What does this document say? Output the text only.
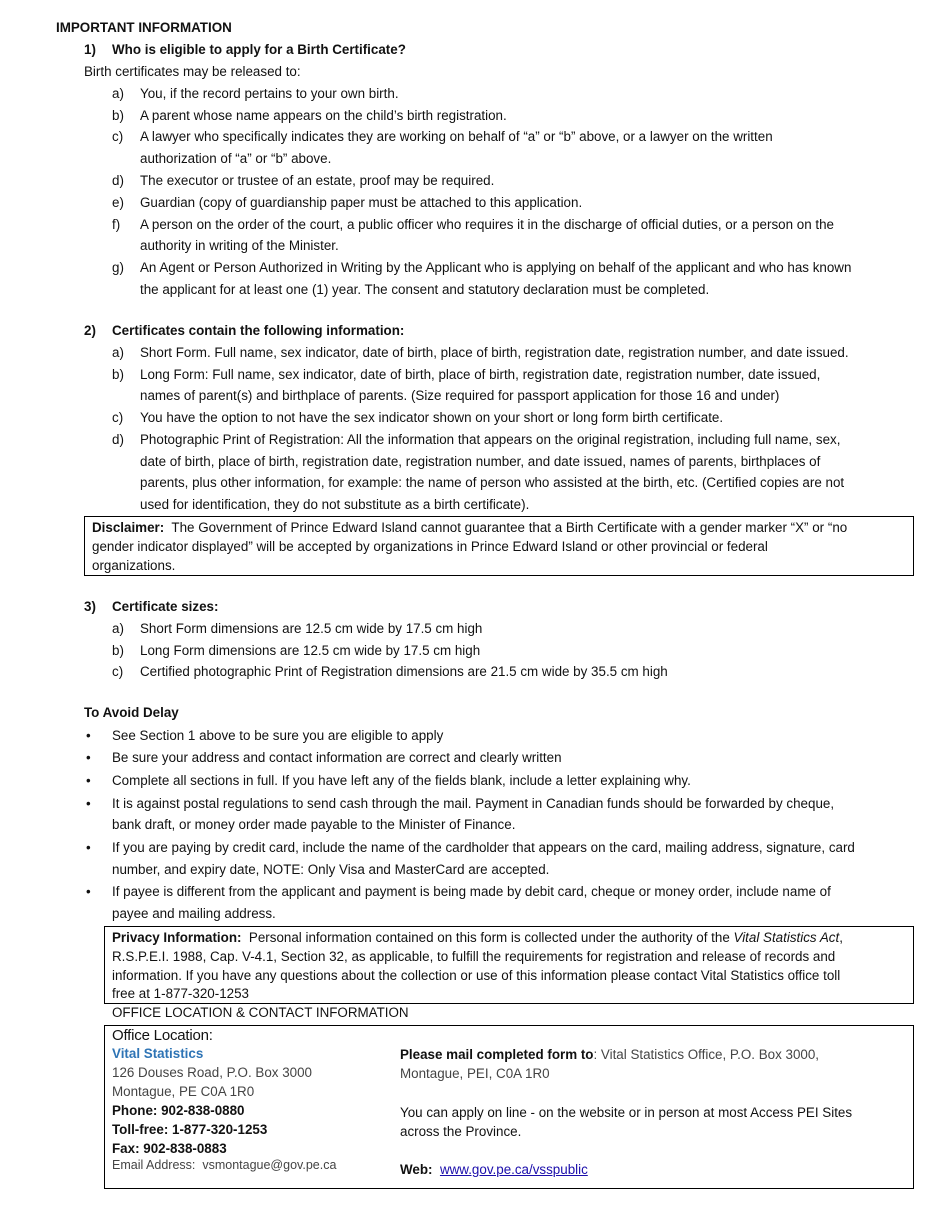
IMPORTANT INFORMATION
1) Who is eligible to apply for a Birth Certificate?
Birth certificates may be released to:
a) You, if the record pertains to your own birth.
b) A parent whose name appears on the child’s birth registration.
c) A lawyer who specifically indicates they are working on behalf of “a” or “b” above, or a lawyer on the written
authorization of “a” or “b” above.
d) The executor or trustee of an estate, proof may be required.
e) Guardian (copy of guardianship paper must be attached to this application.
f) A person on the order of the court, a public officer who requires it in the discharge of official duties, or a person on the
authority in writing of the Minister.
g) An Agent or Person Authorized in Writing by the Applicant who is applying on behalf of the applicant and who has known
the applicant for at least one (1) year. The consent and statutory declaration must be completed.
2) Certificates contain the following information:
a) Short Form. Full name, sex indicator, date of birth, place of birth, registration date, registration number, and date issued.
b) Long Form: Full name, sex indicator, date of birth, place of birth, registration date, registration number, date issued,
names of parent(s) and birthplace of parents. (Size required for passport application for those 16 and under)
c) You have the option to not have the sex indicator shown on your short or long form birth certificate.
d) Photographic Print of Registration: All the information that appears on the original registration, including full name, sex,
date of birth, place of birth, registration date, registration number, and date issued, names of parents, birthplaces of
parents, plus other information, for example: the name of person who assisted at the birth, etc. (Certified copies are not
used for identification, they do not substitute as a birth certificate).
Disclaimer:  The Government of Prince Edward Island cannot guarantee that a Birth Certificate with a gender marker “X” or “no
gender indicator displayed” will be accepted by organizations in Prince Edward Island or other provincial or federal
organizations.
3) Certificate sizes:
a) Short Form dimensions are 12.5 cm wide by 17.5 cm high
b) Long Form dimensions are 12.5 cm wide by 17.5 cm high
c) Certified photographic Print of Registration dimensions are 21.5 cm wide by 35.5 cm high
To Avoid Delay
• See Section 1 above to be sure you are eligible to apply
• Be sure your address and contact information are correct and clearly written
• Complete all sections in full. If you have left any of the fields blank, include a letter explaining why.
• It is against postal regulations to send cash through the mail. Payment in Canadian funds should be forwarded by cheque,
bank draft, or money order made payable to the Minister of Finance.
• If you are paying by credit card, include the name of the cardholder that appears on the card, mailing address, signature, card
number, and expiry date, NOTE: Only Visa and MasterCard are accepted.
• If payee is different from the applicant and payment is being made by debit card, cheque or money order, include name of
payee and mailing address.
Privacy Information:  Personal information contained on this form is collected under the authority of the Vital Statistics Act,
R.S.P.E.I. 1988, Cap. V-4.1, Section 32, as applicable, to fulfill the requirements for registration and release of records and
information. If you have any questions about the collection or use of this information please contact Vital Statistics office toll
free at 1-877-320-1253
OFFICE LOCATION & CONTACT INFORMATION
Office Location:
Vital Statistics
126 Douses Road, P.O. Box 3000
Montague, PE C0A 1R0
Phone: 902-838-0880
Toll-free: 1-877-320-1253
Fax: 902-838-0883
Email Address: vsmontague@gov.pe.ca
Please mail completed form to: Vital Statistics Office, P.O. Box 3000,
Montague, PEI, C0A 1R0
You can apply on line - on the website or in person at most Access PEI Sites
across the Province.
Web: www.gov.pe.ca/vsspublic
